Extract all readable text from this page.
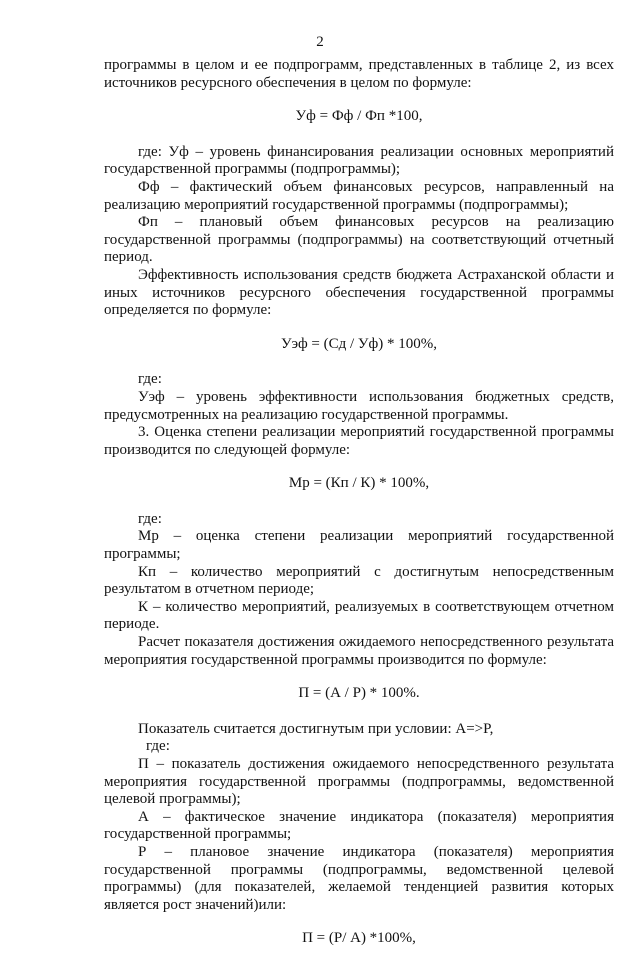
2

программы в целом и ее подпрограмм, представленных в таблице 2, из всех источников ресурсного обеспечения в целом по формуле:

Уф = Фф / Фп *100,

где: Уф – уровень финансирования реализации основных мероприятий государственной программы (подпрограммы);

Фф – фактический объем финансовых ресурсов, направленный на реализацию мероприятий государственной программы (подпрограммы);

Фп – плановый объем финансовых ресурсов на реализацию государственной программы (подпрограммы) на соответствующий отчетный период.

Эффективность использования средств бюджета Астраханской области и иных источников ресурсного обеспечения государственной программы определяется по формуле:

Уэф = (Сд / Уф) * 100%,

где:

Уэф – уровень эффективности использования бюджетных средств, предусмотренных на реализацию государственной программы.

3. Оценка степени реализации мероприятий государственной программы производится по следующей формуле:

Мр = (Кп / К) * 100%,

где:

Мр – оценка степени реализации мероприятий государственной программы;

Кп – количество мероприятий с достигнутым непосредственным результатом в отчетном периоде;

К – количество мероприятий, реализуемых в соответствующем отчетном периоде.

Расчет показателя достижения ожидаемого непосредственного результата мероприятия государственной программы производится по формуле:

П = (А / Р) * 100%.

Показатель считается достигнутым при условии: А=>Р,

где:

П – показатель достижения ожидаемого непосредственного результата мероприятия государственной программы (подпрограммы, ведомственной целевой программы);

А – фактическое значение индикатора (показателя) мероприятия государственной программы;

Р – плановое значение индикатора (показателя) мероприятия государственной программы (подпрограммы, ведомственной целевой программы) (для показателей, желаемой тенденцией развития которых является рост значений)или:

П = (Р/ А) *100%,
